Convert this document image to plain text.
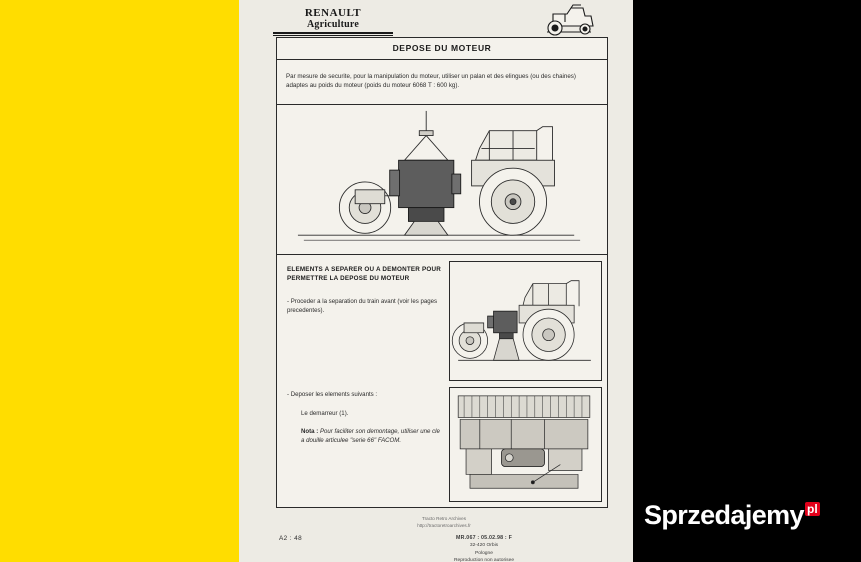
Sprzedajemy pl
RENAULT
Agriculture
DEPOSE DU MOTEUR

Par mesure de securite, pour la manipulation du moteur, utiliser un palan et des elingues (ou des chaines) adaptes au poids du moteur (poids du moteur 6068 T : 600 kg).

ELEMENTS A SEPARER OU A DEMONTER POUR PERMETTRE LA DEPOSE DU MOTEUR
- Proceder a la separation du train avant (voir les pages precedentes).
- Deposer les elements suivants :
Le demarreur (1).
Nota : Pour faciliter son demontage, utiliser une cle a douille articulee "serie 66" FACOM.
Tracto Retro Archives
http://tractoretroarchives.fr
A2 : 48	MR.067 : 05.02.98 : F
32-420 Orbis
Pologne
Reproduction non autorisee
